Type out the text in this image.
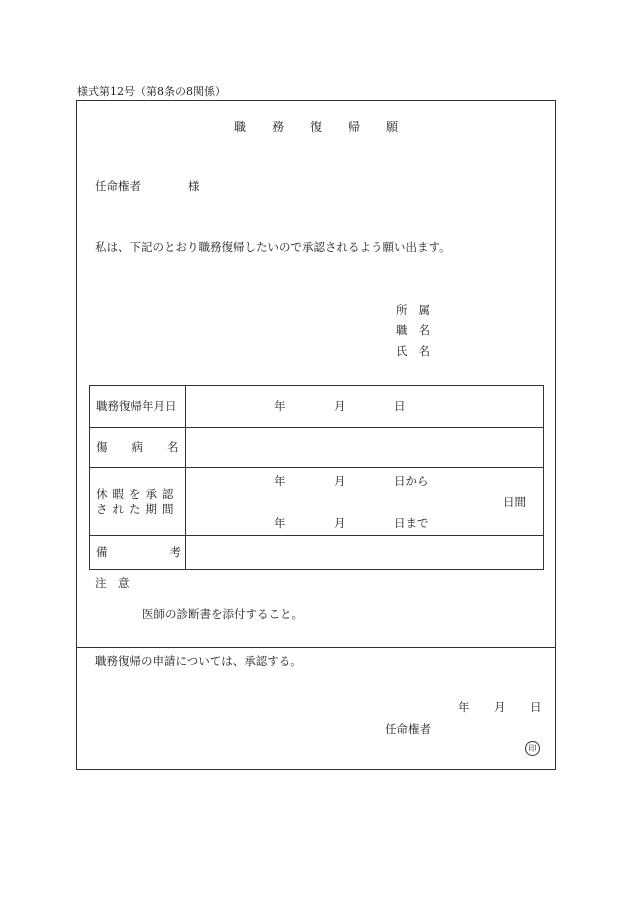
様式第12号（第8条の8関係）
職 務 復 帰 願
任命権者	様
私は、下記のとおり職務復帰したいので承認されるよう願い出ます。
所 属
職 名
氏 名
職務復帰年月日	年	月	日
傷 病 名
休 暇 を 承 認
さ れ た 期 間
年	月	日から
日間
年	月	日まで
備	考
注　意
医師の診断書を添付すること。
職務復帰の申請については、承認する。
年 月 日
任命権者
印
